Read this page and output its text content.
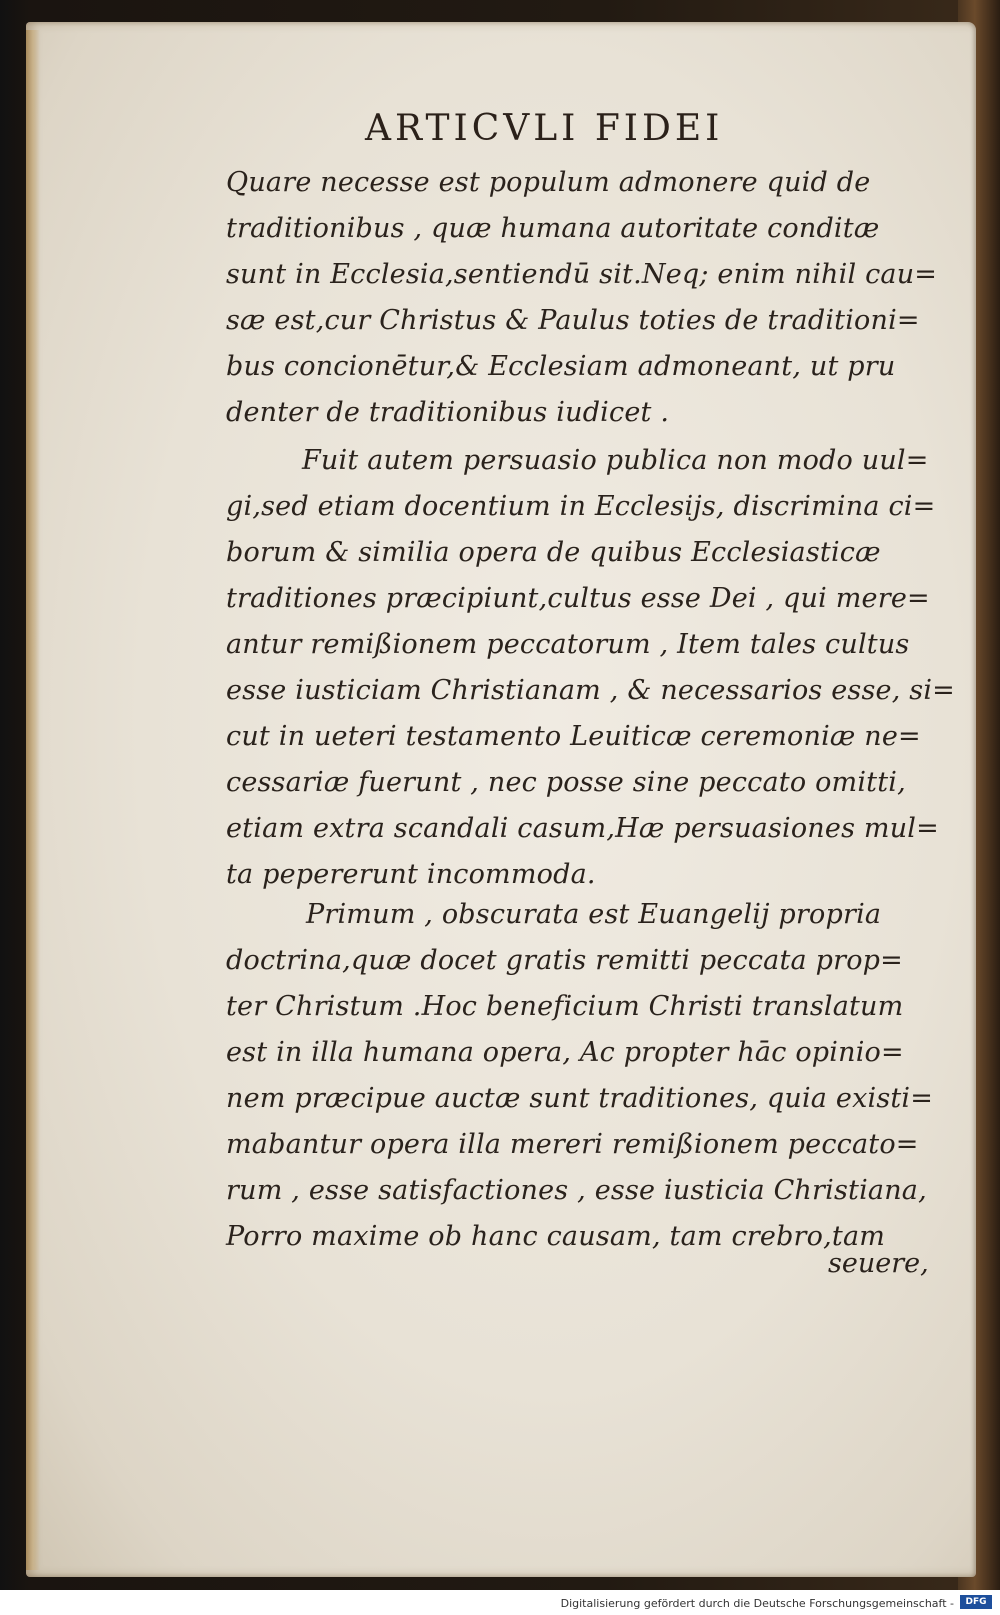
ARTICVLI FIDEI
Quare necesse est populum admonere quid de
traditionibus , quæ humana autoritate conditæ
sunt in Ecclesia,sentiendū sit.Neq; enim nihil cau=
sæ est,cur Christus & Paulus toties de traditioni=
bus concionētur,& Ecclesiam admoneant, ut pru
denter de traditionibus iudicet .
Fuit autem persuasio publica non modo uul=
gi,sed etiam docentium in Ecclesijs, discrimina ci=
borum & similia opera de quibus Ecclesiasticæ
traditiones præcipiunt,cultus esse Dei , qui mere=
antur remißionem peccatorum , Item tales cultus
esse iusticiam Christianam , & necessarios esse, si=
cut in ueteri testamento Leuiticæ ceremoniæ ne=
cessariæ fuerunt , nec posse sine peccato omitti,
etiam extra scandali casum,Hæ persuasiones mul=
ta pepererunt incommoda.
Primum , obscurata est Euangelij propria
doctrina,quæ docet gratis remitti peccata prop=
ter Christum .Hoc beneficium Christi translatum
est in illa humana opera, Ac propter hāc opinio=
nem præcipue auctæ sunt traditiones, quia existi=
mabantur opera illa mereri remißionem peccato=
rum , esse satisfactiones , esse iusticia Christiana,
Porro maxime ob hanc causam, tam crebro,tam
seuere,
Digitalisierung gefördert durch die Deutsche Forschungsgemeinschaft -	DFG
